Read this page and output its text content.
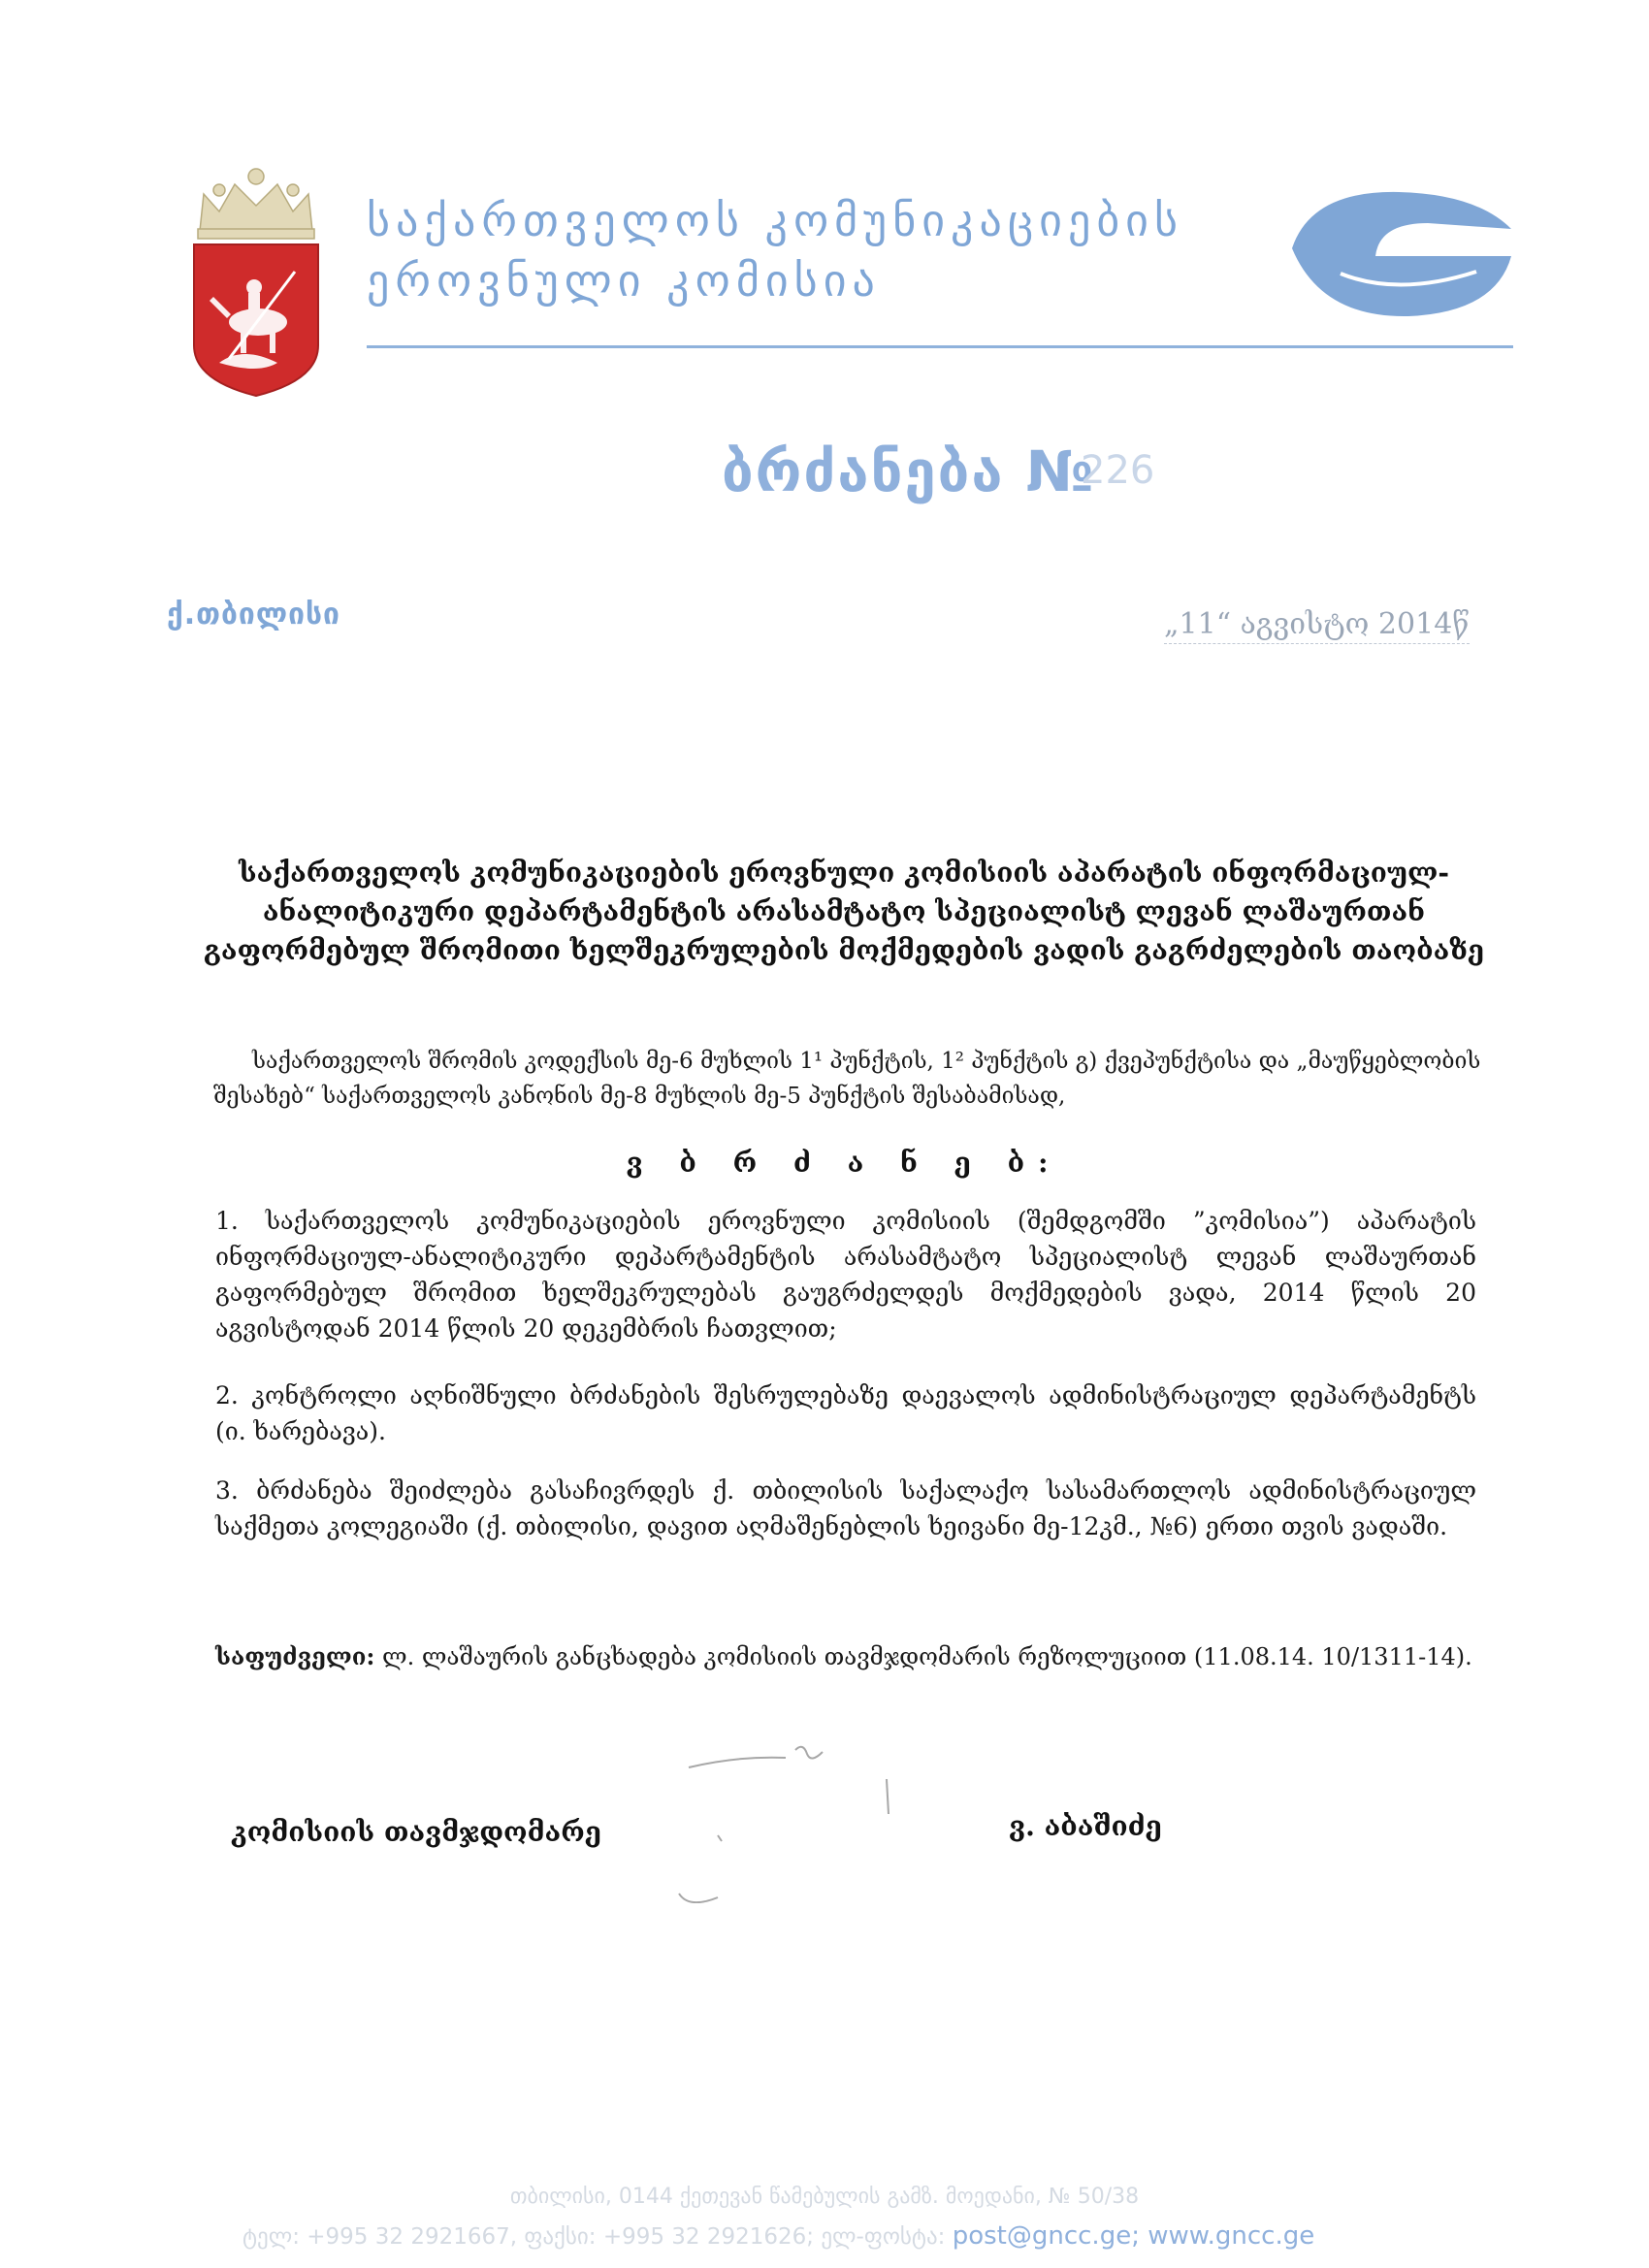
საქართველოს კომუნიკაციების
ეროვნული კომისია
ბრძანება №
226
ქ.თბილისი	„11“ აგვისტო 2014წ
საქართველოს კომუნიკაციების ეროვნული კომისიის აპარატის ინფორმაციულ-ანალიტიკური დეპარტამენტის არასამტატო სპეციალისტ ლევან ლაშაურთან გაფორმებულ შრომითი ხელშეკრულების მოქმედების ვადის გაგრძელების თაობაზე
საქართველოს შრომის კოდექსის მე-6 მუხლის 1¹ პუნქტის, 1² პუნქტის გ) ქვეპუნქტისა და „მაუწყებლობის შესახებ“ საქართველოს კანონის მე-8 მუხლის მე-5 პუნქტის შესაბამისად,
ვ ბ რ ძ ა ნ ე ბ:
1. საქართველოს კომუნიკაციების ეროვნული კომისიის (შემდგომში ”კომისია”) აპარატის ინფორმაციულ-ანალიტიკური დეპარტამენტის არასამტატო სპეციალისტ ლევან ლაშაურთან გაფორმებულ შრომით ხელშეკრულებას გაუგრძელდეს მოქმედების ვადა, 2014 წლის 20 აგვისტოდან 2014 წლის 20 დეკემბრის ჩათვლით;
2. კონტროლი აღნიშნული ბრძანების შესრულებაზე დაევალოს ადმინისტრაციულ დეპარტამენტს (ი. ხარებავა).
3. ბრძანება შეიძლება გასაჩივრდეს ქ. თბილისის საქალაქო სასამართლოს ადმინისტრაციულ საქმეთა კოლეგიაში (ქ. თბილისი, დავით აღმაშენებლის ხეივანი მე-12კმ., №6) ერთი თვის ვადაში.
საფუძველი: ლ. ლაშაურის განცხადება კომისიის თავმჯდომარის რეზოლუციით (11.08.14. 10/1311-14).
კომისიის თავმჯდომარე	ვ. აბაშიძე
თბილისი, 0144 ქეთევან წამებულის გამზ. მოედანი, № 50/38
ტელ: +995 32 2921667, ფაქსი: +995 32 2921626; ელ-ფოსტა: post@gncc.ge; www.gncc.ge
